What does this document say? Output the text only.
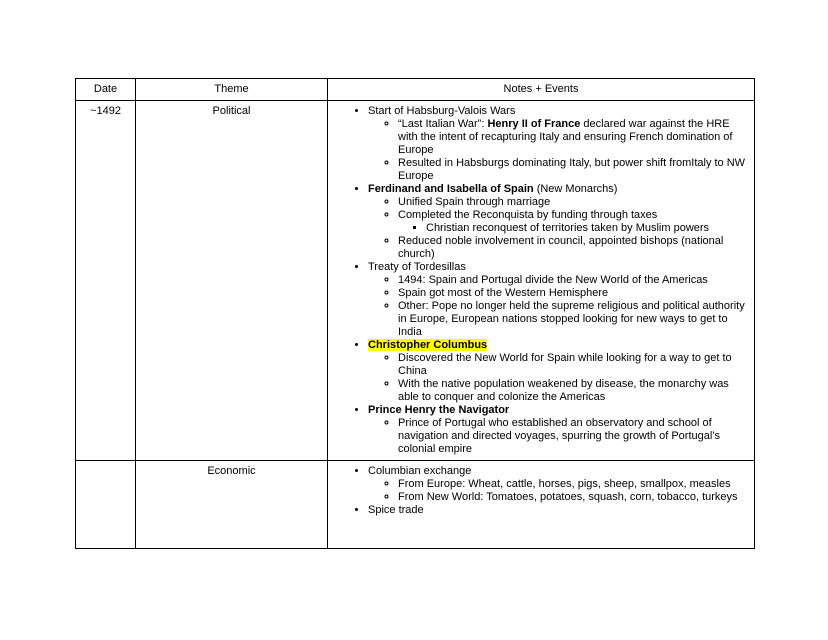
Date	Theme	Notes + Events
~1492	Political	
•Start of Habsburg-Valois Wars
◦ “Last Italian War”: Henry II of France declared war against the HRE with the intent of recapturing Italy and ensuring French domination of Europe
◦ Resulted in Habsburgs dominating Italy, but power shift fromItaly to NW Europe
• Ferdinand and Isabella of Spain (New Monarchs)
◦ Unified Spain through marriage
◦ Completed the Reconquista by funding through taxes
▪ Christian reconquest of territories taken by Muslim powers
◦ Reduced noble involvement in council, appointed bishops (national church)
• Treaty of Tordesillas
◦ 1494: Spain and Portugal divide the New World of the Americas
◦ Spain got most of the Western Hemisphere
◦ Other: Pope no longer held the supreme religious and political authority in Europe, European nations stopped looking for new ways to get to India
• Christopher Columbus
◦ Discovered the New World for Spain while looking for a way to get to China
◦ With the native population weakened by disease, the monarchy was able to conquer and colonize the Americas
• Prince Henry the Navigator
◦ Prince of Portugal who established an observatory and school of navigation and directed voyages, spurring the growth of Portugal’s colonial empire

	Economic	
•Columbian exchange
◦ From Europe: Wheat, cattle, horses, pigs, sheep, smallpox, measles
◦ From New World: Tomatoes, potatoes, squash, corn, tobacco, turkeys
• Spice trade
